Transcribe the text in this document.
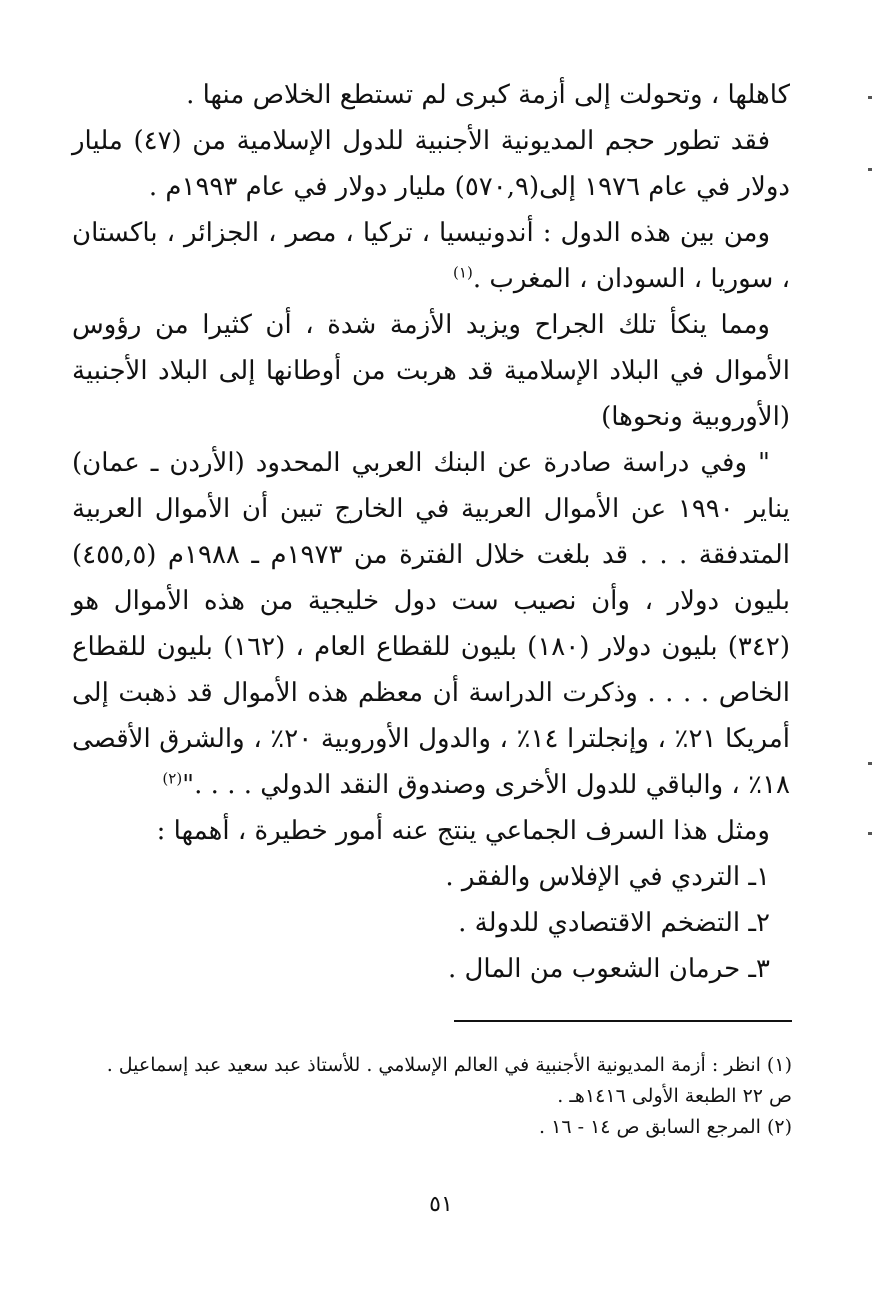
كاهلها ، وتحولت إلى أزمة كبرى لم تستطع الخلاص منها .

فقد تطور حجم المديونية الأجنبية للدول الإسلامية من (٤٧) مليار دولار في عام ١٩٧٦ إلى(٥٧٠,٩) مليار دولار في عام ١٩٩٣م .

ومن بين هذه الدول : أندونيسيا ، تركيا ، مصر ، الجزائر ، باكستان ، سوريا ، السودان ، المغرب .$^{(١)}$

ومما ينكأ تلك الجراح ويزيد الأزمة شدة ، أن كثيرا من رؤوس الأموال في البلاد الإسلامية قد هربت من أوطانها إلى البلاد الأجنبية (الأوروبية ونحوها)

" وفي دراسة صادرة عن البنك العربي المحدود (الأردن ـ عمان) يناير ١٩٩٠ عن الأموال العربية في الخارج تبين أن الأموال العربية المتدفقة . . . قد بلغت خلال الفترة من ١٩٧٣م ـ ١٩٨٨م (٤٥٥,٥) بليون دولار ، وأن نصيب ست دول خليجية من هذه الأموال هو (٣٤٢) بليون دولار (١٨٠) بليون للقطاع العام ، (١٦٢) بليون للقطاع الخاص . . . . وذكرت الدراسة أن معظم هذه الأموال قد ذهبت إلى أمريكا ٢١٪ ، وإنجلترا ١٤٪ ، والدول الأوروبية ٢٠٪ ، والشرق الأقصى ١٨٪ ، والباقي للدول الأخرى وصندوق النقد الدولي . . . ."$^{(٢)}$

ومثل هذا السرف الجماعي ينتج عنه أمور خطيرة ، أهمها :

١ـ التردي في الإفلاس والفقر .
٢ـ التضخم الاقتصادي للدولة .
٣ـ حرمان الشعوب من المال .

(١) انظر : أزمة المديونية الأجنبية في العالم الإسلامي . للأستاذ عبد سعيد عبد إسماعيل . ص ٢٢ الطبعة الأولى ١٤١٦هـ .

(٢) المرجع السابق ص ١٤ - ١٦ .

٥١
